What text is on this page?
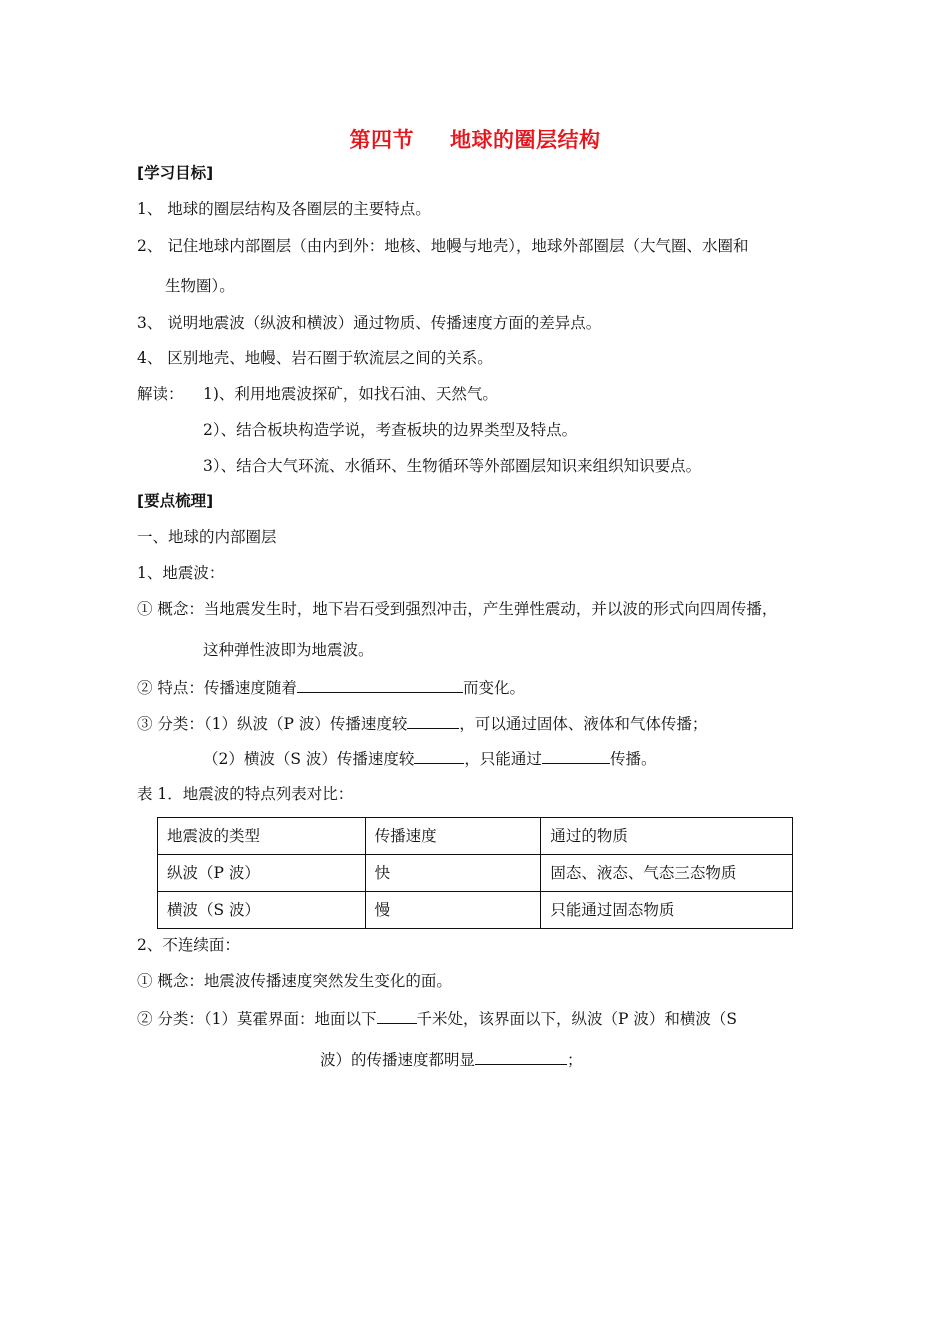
第四节 地球的圈层结构
[学习目标]
1、 地球的圈层结构及各圈层的主要特点。
2、 记住地球内部圈层（由内到外：地核、地幔与地壳），地球外部圈层（大气圈、水圈和
生物圈）。
3、 说明地震波（纵波和横波）通过物质、传播速度方面的差异点。
4、 区别地壳、地幔、岩石圈于软流层之间的关系。
解读： 1)、利用地震波探矿，如找石油、天然气。
2）、结合板块构造学说，考查板块的边界类型及特点。
3）、结合大气环流、水循环、生物循环等外部圈层知识来组织知识要点。
[要点梳理]
一、地球的内部圈层
1、地震波：
① 概念：当地震发生时，地下岩石受到强烈冲击，产生弹性震动，并以波的形式向四周传播，
这种弹性波即为地震波。
② 特点：传播速度随着	而变化。
③ 分类：（1）纵波（P 波）传播速度较	，可以通过固体、液体和气体传播；
（2）横波（S 波）传播速度较	，只能通过	传播。
表 1．地震波的特点列表对比：
地震波的类型	传播速度	通过的物质
纵波（P 波）	快	固态、液态、气态三态物质
横波（S 波）	慢	只能通过固态物质
2、不连续面：
① 概念：地震波传播速度突然发生变化的面。
② 分类：（1）莫霍界面：地面以下	千米处，该界面以下，纵波（P 波）和横波（S
波）的传播速度都明显	；
